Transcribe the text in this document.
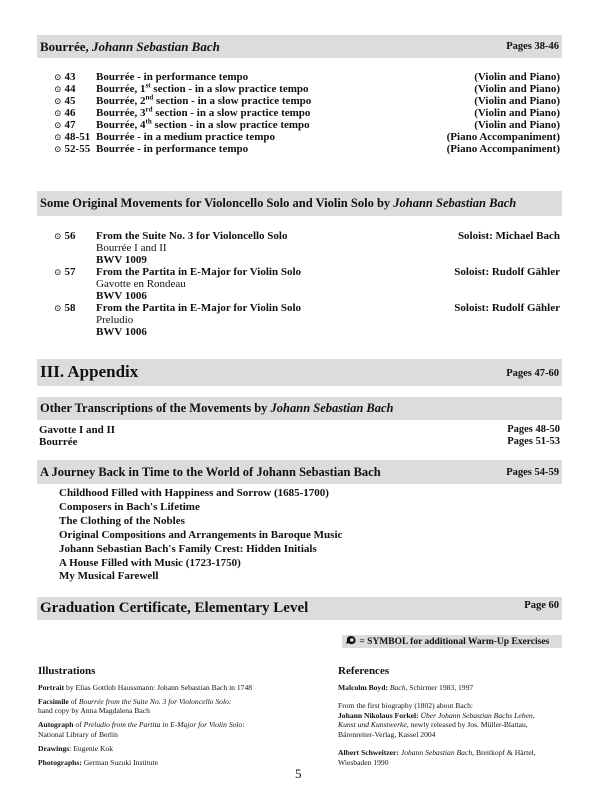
Bourrée, Johann Sebastian Bach	Pages 38-46
⊙ 43 Bourrée - in performance tempo	(Violin and Piano)
⊙ 44 Bourrée, 1st section - in a slow practice tempo	(Violin and Piano)
⊙ 45 Bourrée, 2nd section - in a slow practice tempo	(Violin and Piano)
⊙ 46 Bourrée, 3rd section - in a slow practice tempo	(Violin and Piano)
⊙ 47 Bourrée, 4th section - in a slow practice tempo	(Violin and Piano)
⊙ 48-51 Bourrée - in a medium practice tempo	(Piano Accompaniment)
⊙ 52-55 Bourrée - in performance tempo	(Piano Accompaniment)
Some Original Movements for Violoncello Solo and Violin Solo by Johann Sebastian Bach
⊙ 56 From the Suite No. 3 for Violoncello Solo	Soloist: Michael Bach
Bourrée I and II
BWV 1009
⊙ 57 From the Partita in E-Major for Violin Solo	Soloist: Rudolf Gähler
Gavotte en Rondeau
BWV 1006
⊙ 58 From the Partita in E-Major for Violin Solo	Soloist: Rudolf Gähler
Preludio
BWV 1006
III. Appendix	Pages 47-60
Other Transcriptions of the Movements by Johann Sebastian Bach
Gavotte I and II	Pages 48-50
Bourrée	Pages 51-53
A Journey Back in Time to the World of Johann Sebastian Bach	Pages 54-59
Childhood Filled with Happiness and Sorrow (1685-1700)
Composers in Bach's Lifetime
The Clothing of the Nobles
Original Compositions and Arrangements in Baroque Music
Johann Sebastian Bach's Family Crest: Hidden Initials
A House Filled with Music (1723-1750)
My Musical Farewell
Graduation Certificate, Elementary Level	Page 60
= SYMBOL for additional Warm-Up Exercises
Illustrations

Portrait by Elias Gottlob Haussmann: Johann Sebastian Bach in 1748

Facsimile of Bourrée from the Suite No. 3 for Violoncello Solo:
hand copy by Anna Magdalena Bach

Autograph of Preludio from the Partita in E-Major for Violin Solo:
National Library of Berlin

Drawings: Eugenie Kok

Photographs: German Suzuki Institute

References

Malcolm Boyd: Bach, Schirmer 1983, 1997

From the first biography (1802) about Bach:
Johann Nikolaus Forkel: Über Johann Sebastian Bachs Leben,
Kunst und Kunstwerke, newly released by Jos. Müller-Blattau,
Bärenreiter-Verlag, Kassel 2004

Albert Schweitzer: Johann Sebastian Bach, Breitkopf & Härtel,
Wiesbaden 1990

5
